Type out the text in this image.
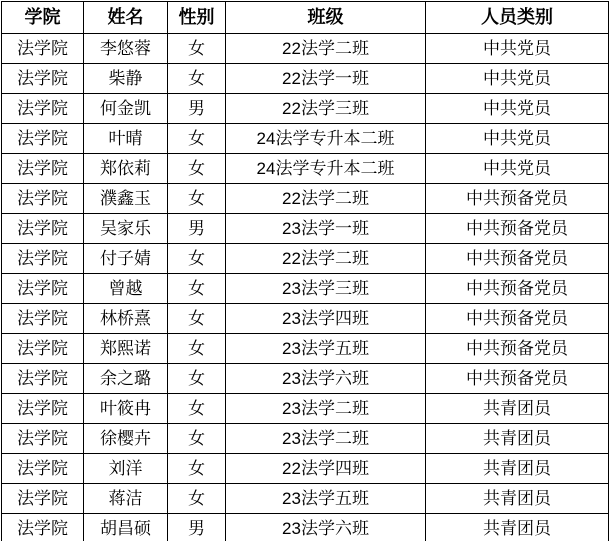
学院	姓名	性别	班级	人员类别
法学院	李悠蓉	女	22法学二班	中共党员
法学院	柴静	女	22法学一班	中共党员
法学院	何金凯	男	22法学三班	中共党员
法学院	叶晴	女	24法学专升本二班	中共党员
法学院	郑依莉	女	24法学专升本二班	中共党员
法学院	濮鑫玉	女	22法学二班	中共预备党员
法学院	吴家乐	男	23法学一班	中共预备党员
法学院	付子婧	女	22法学二班	中共预备党员
法学院	曾越	女	23法学三班	中共预备党员
法学院	林桥熹	女	23法学四班	中共预备党员
法学院	郑熙诺	女	23法学五班	中共预备党员
法学院	余之璐	女	23法学六班	中共预备党员
法学院	叶筱冉	女	23法学二班	共青团员
法学院	徐樱卉	女	23法学二班	共青团员
法学院	刘洋	女	22法学四班	共青团员
法学院	蒋洁	女	23法学五班	共青团员
法学院	胡昌硕	男	23法学六班	共青团员
